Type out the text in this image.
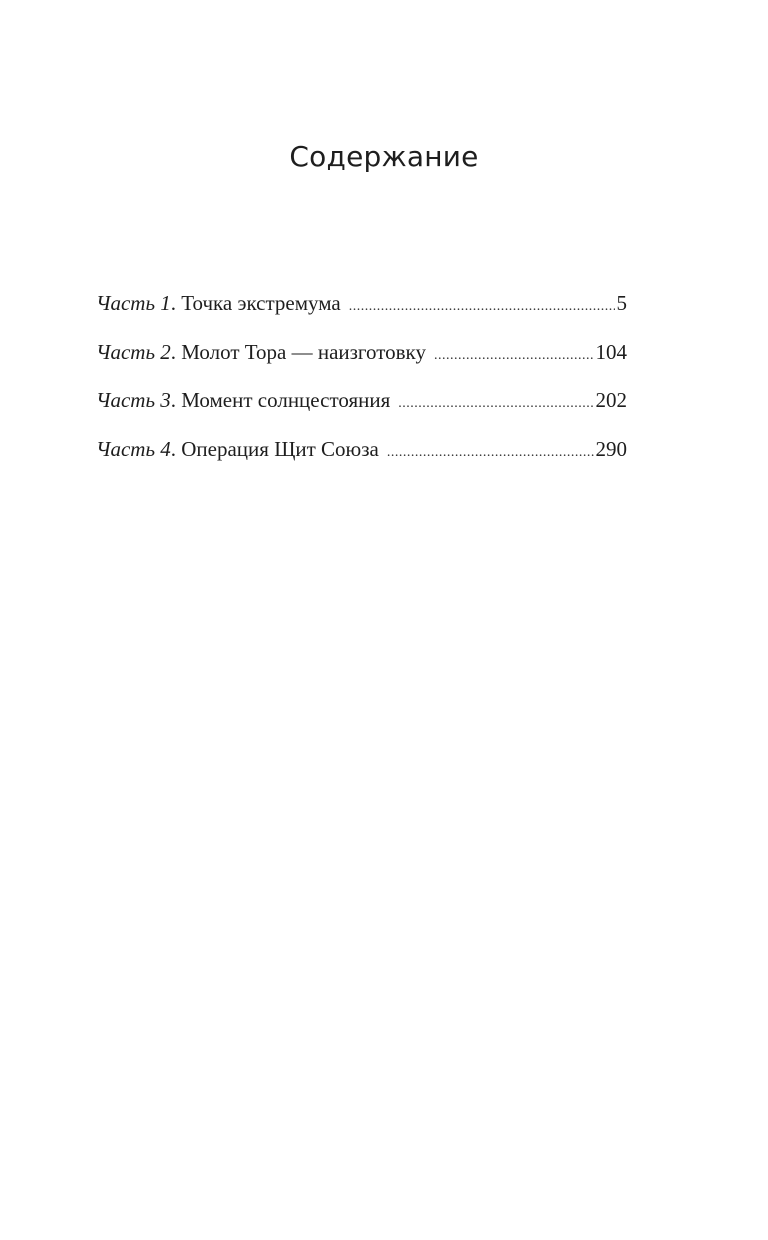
Содержание
Часть 1 . Точка экстремума .....	5
Часть 2 . Молот Тора — наизготовку .....	104
Часть 3 . Момент солнцестояния .....	202
Часть 4 . Операция Щит Союза .....	290
